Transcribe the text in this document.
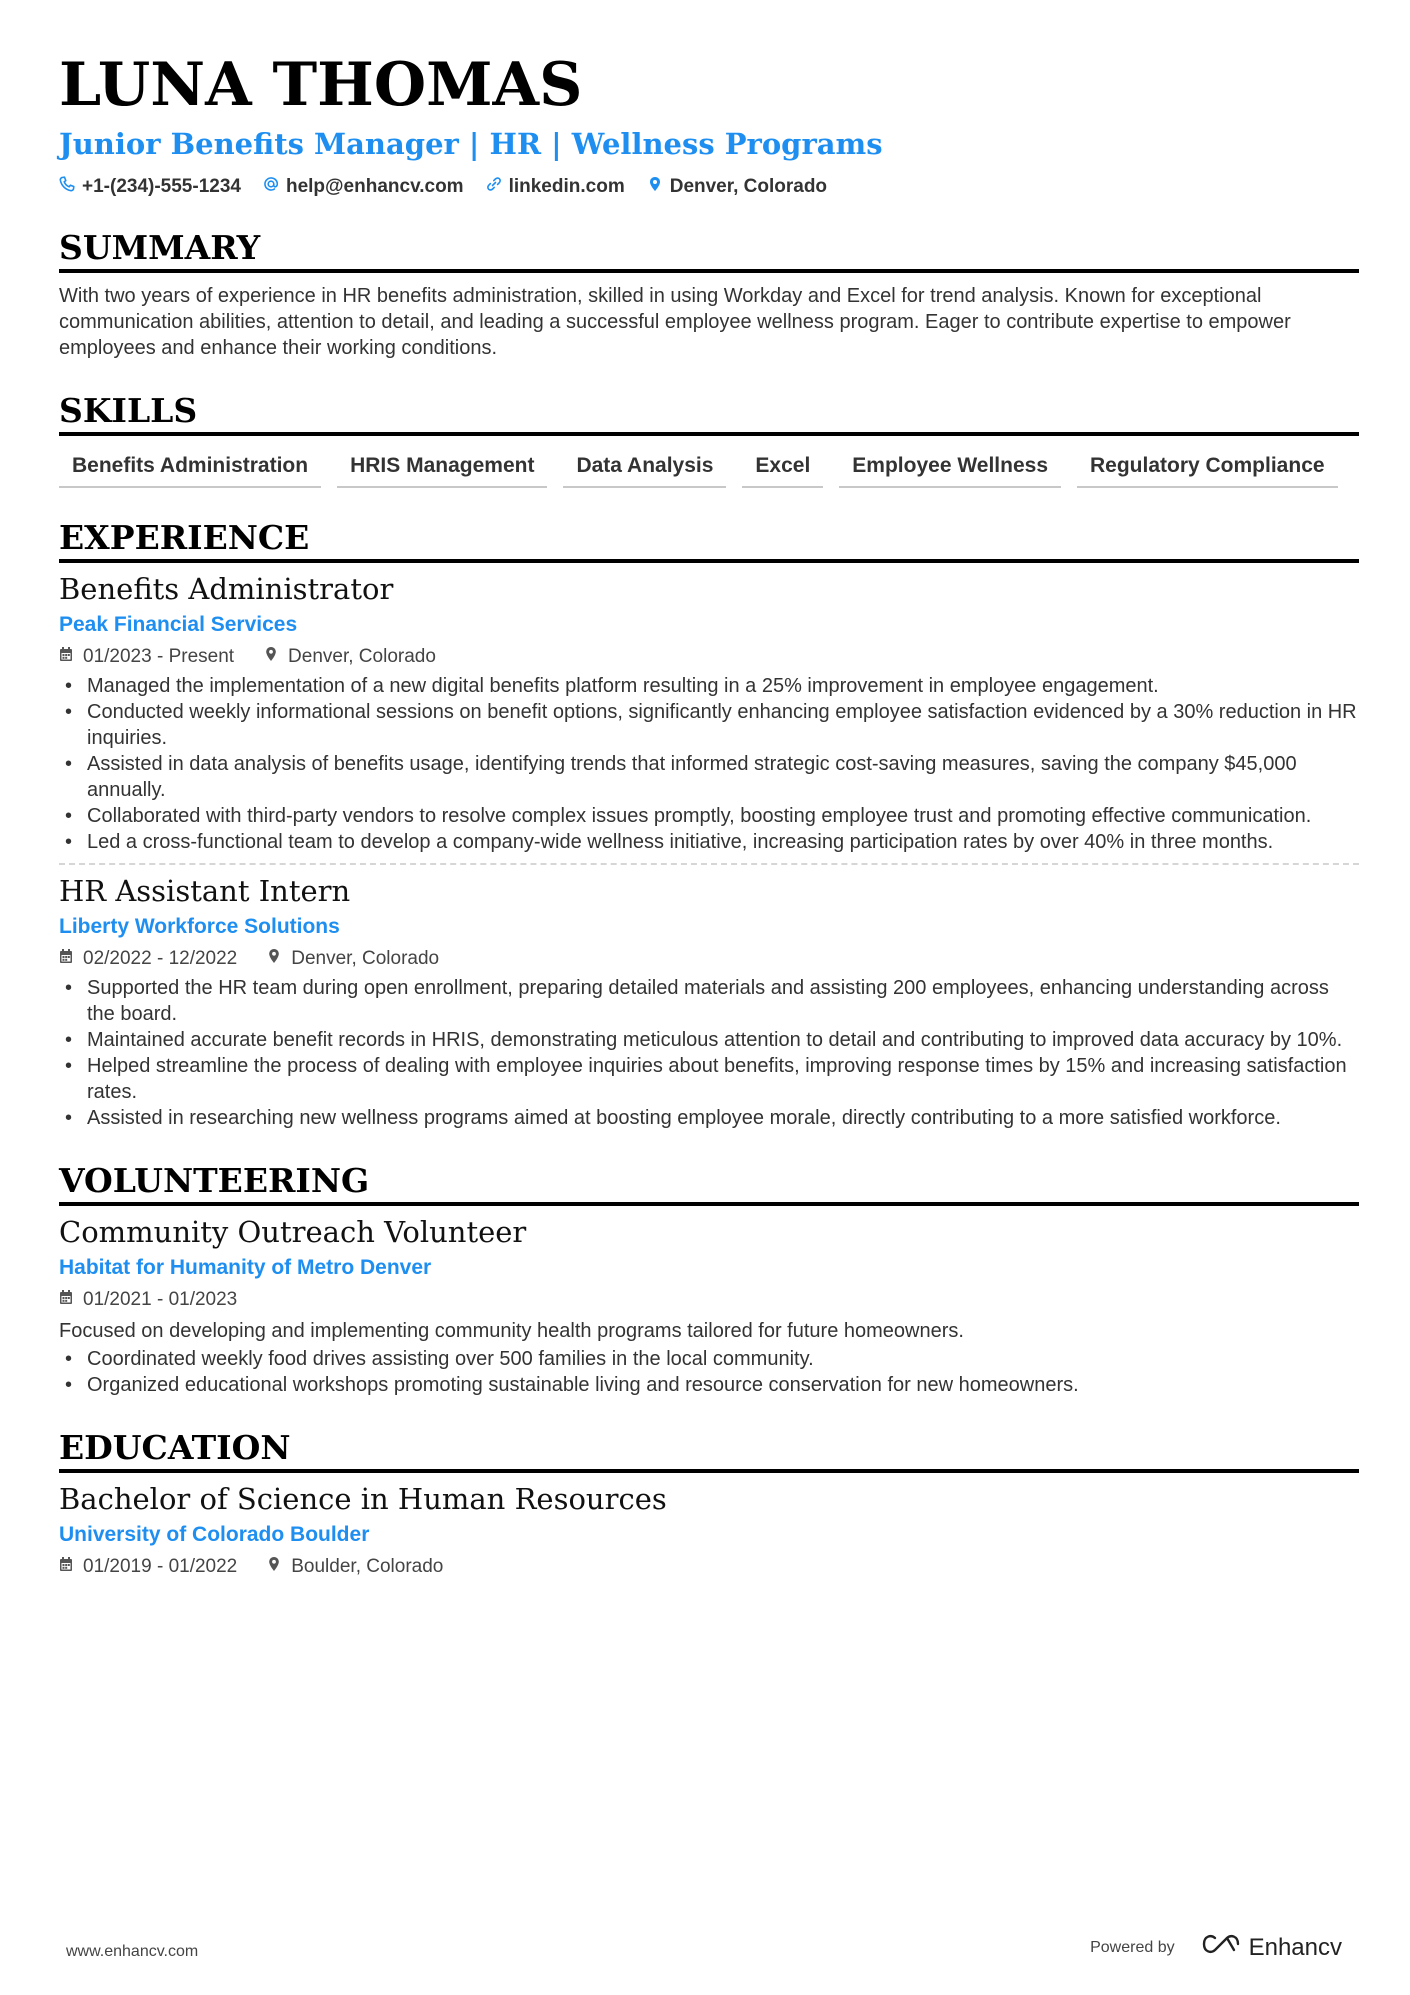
LUNA THOMAS
Junior Benefits Manager | HR | Wellness Programs
+1-(234)-555-1234 help@enhancv.com linkedin.com Denver, Colorado
SUMMARY
With two years of experience in HR benefits administration, skilled in using Workday and Excel for trend analysis. Known for exceptional communication abilities, attention to detail, and leading a successful employee wellness program. Eager to contribute expertise to empower employees and enhance their working conditions.
SKILLS
Benefits Administration	HRIS Management	Data Analysis	Excel	Employee Wellness	Regulatory Compliance
EXPERIENCE
Benefits Administrator
Peak Financial Services
01/2023 - Present	Denver, Colorado
• Managed the implementation of a new digital benefits platform resulting in a 25% improvement in employee engagement.
• Conducted weekly informational sessions on benefit options, significantly enhancing employee satisfaction evidenced by a 30% reduction in HR inquiries.
• Assisted in data analysis of benefits usage, identifying trends that informed strategic cost-saving measures, saving the company $45,000 annually.
• Collaborated with third-party vendors to resolve complex issues promptly, boosting employee trust and promoting effective communication.
• Led a cross-functional team to develop a company-wide wellness initiative, increasing participation rates by over 40% in three months.
HR Assistant Intern
Liberty Workforce Solutions
02/2022 - 12/2022	Denver, Colorado
• Supported the HR team during open enrollment, preparing detailed materials and assisting 200 employees, enhancing understanding across the board.
• Maintained accurate benefit records in HRIS, demonstrating meticulous attention to detail and contributing to improved data accuracy by 10%.
• Helped streamline the process of dealing with employee inquiries about benefits, improving response times by 15% and increasing satisfaction rates.
• Assisted in researching new wellness programs aimed at boosting employee morale, directly contributing to a more satisfied workforce.
VOLUNTEERING
Community Outreach Volunteer
Habitat for Humanity of Metro Denver
01/2021 - 01/2023
Focused on developing and implementing community health programs tailored for future homeowners.
• Coordinated weekly food drives assisting over 500 families in the local community.
• Organized educational workshops promoting sustainable living and resource conservation for new homeowners.
EDUCATION
Bachelor of Science in Human Resources
University of Colorado Boulder
01/2019 - 01/2022	Boulder, Colorado
www.enhancv.com	Powered by	Enhancv
